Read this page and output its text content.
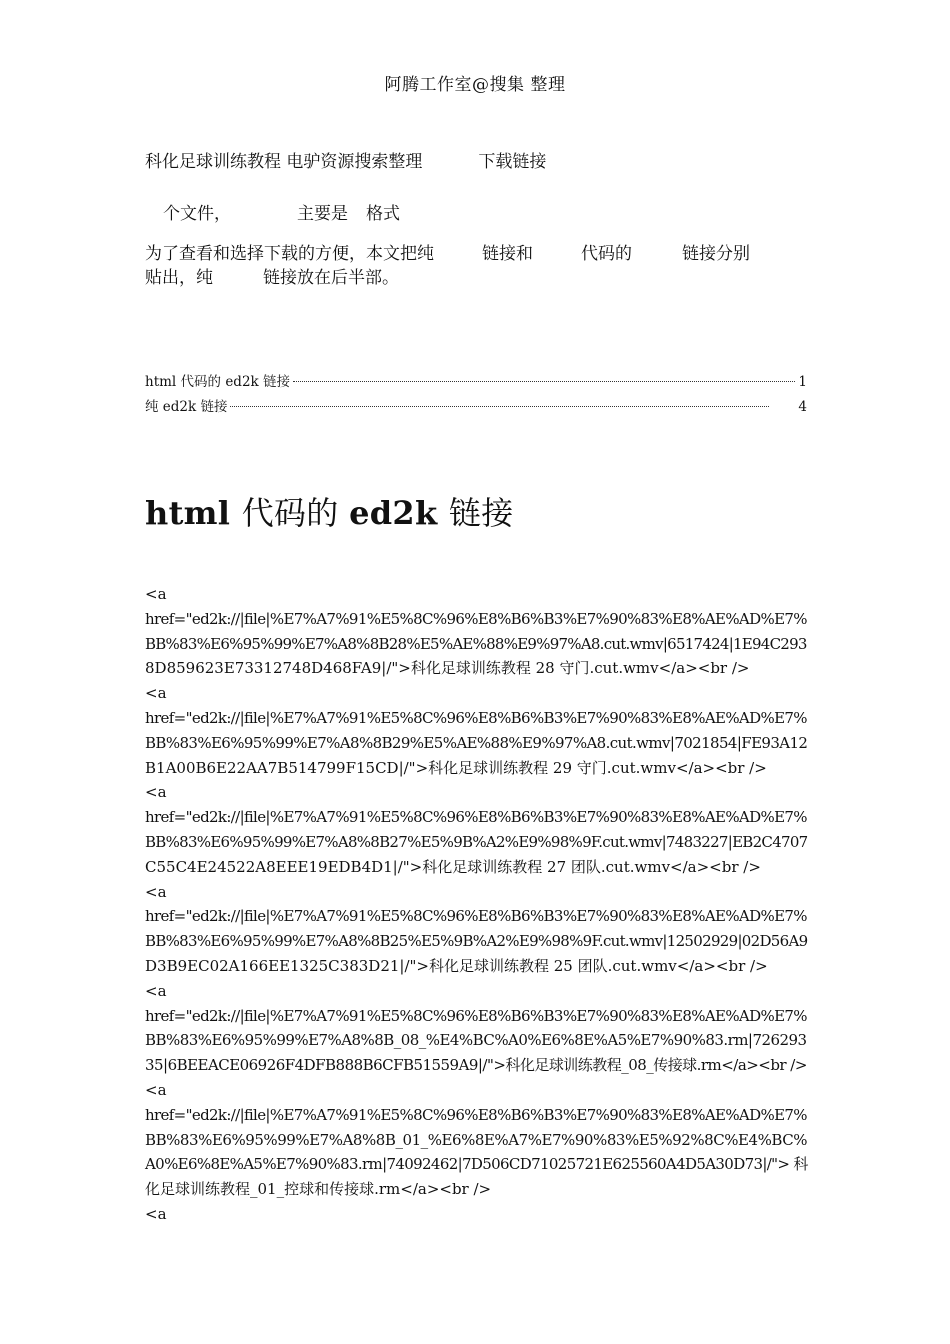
阿腾工作室@搜集 整理
科化足球训练教程 电驴资源搜索整理	下载链接
个文件，	主要是 格式
为了查看和选择下载的方便，本文把纯	链接和	代码的	链接分别
贴出，纯	链接放在后半部。
html 代码的 ed2k 链接	1
纯 ed2k 链接	4
html 代码的 ed2k 链接
<a
href="ed2k://|file|%E7%A7%91%E5%8C%96%E8%B6%B3%E7%90%83%E8%AE%AD%E7%
BB%83%E6%95%99%E7%A8%8B28%E5%AE%88%E9%97%A8.cut.wmv|6517424|1E94C293
8D859623E73312748D468FA9|/">科化足球训练教程 28 守门.cut.wmv</a><br />
<a
href="ed2k://|file|%E7%A7%91%E5%8C%96%E8%B6%B3%E7%90%83%E8%AE%AD%E7%
BB%83%E6%95%99%E7%A8%8B29%E5%AE%88%E9%97%A8.cut.wmv|7021854|FE93A12
B1A00B6E22AA7B514799F15CD|/">科化足球训练教程 29 守门.cut.wmv</a><br />
<a
href="ed2k://|file|%E7%A7%91%E5%8C%96%E8%B6%B3%E7%90%83%E8%AE%AD%E7%
BB%83%E6%95%99%E7%A8%8B27%E5%9B%A2%E9%98%9F.cut.wmv|7483227|EB2C4707
C55C4E24522A8EEE19EDB4D1|/">科化足球训练教程 27 团队.cut.wmv</a><br />
<a
href="ed2k://|file|%E7%A7%91%E5%8C%96%E8%B6%B3%E7%90%83%E8%AE%AD%E7%
BB%83%E6%95%99%E7%A8%8B25%E5%9B%A2%E9%98%9F.cut.wmv|12502929|02D56A9
D3B9EC02A166EE1325C383D21|/">科化足球训练教程 25 团队.cut.wmv</a><br />
<a
href="ed2k://|file|%E7%A7%91%E5%8C%96%E8%B6%B3%E7%90%83%E8%AE%AD%E7%
BB%83%E6%95%99%E7%A8%8B_08_%E4%BC%A0%E6%8E%A5%E7%90%83.rm|726293
35|6BEEACE06926F4DFB888B6CFB51559A9|/">科化足球训练教程_08_传接球.rm</a><br />
<a
href="ed2k://|file|%E7%A7%91%E5%8C%96%E8%B6%B3%E7%90%83%E8%AE%AD%E7%
BB%83%E6%95%99%E7%A8%8B_01_%E6%8E%A7%E7%90%83%E5%92%8C%E4%BC%
A0%E6%8E%A5%E7%90%83.rm|74092462|7D506CD71025721E625560A4D5A30D73|/"> 科
化足球训练教程_01_控球和传接球.rm</a><br />
<a
